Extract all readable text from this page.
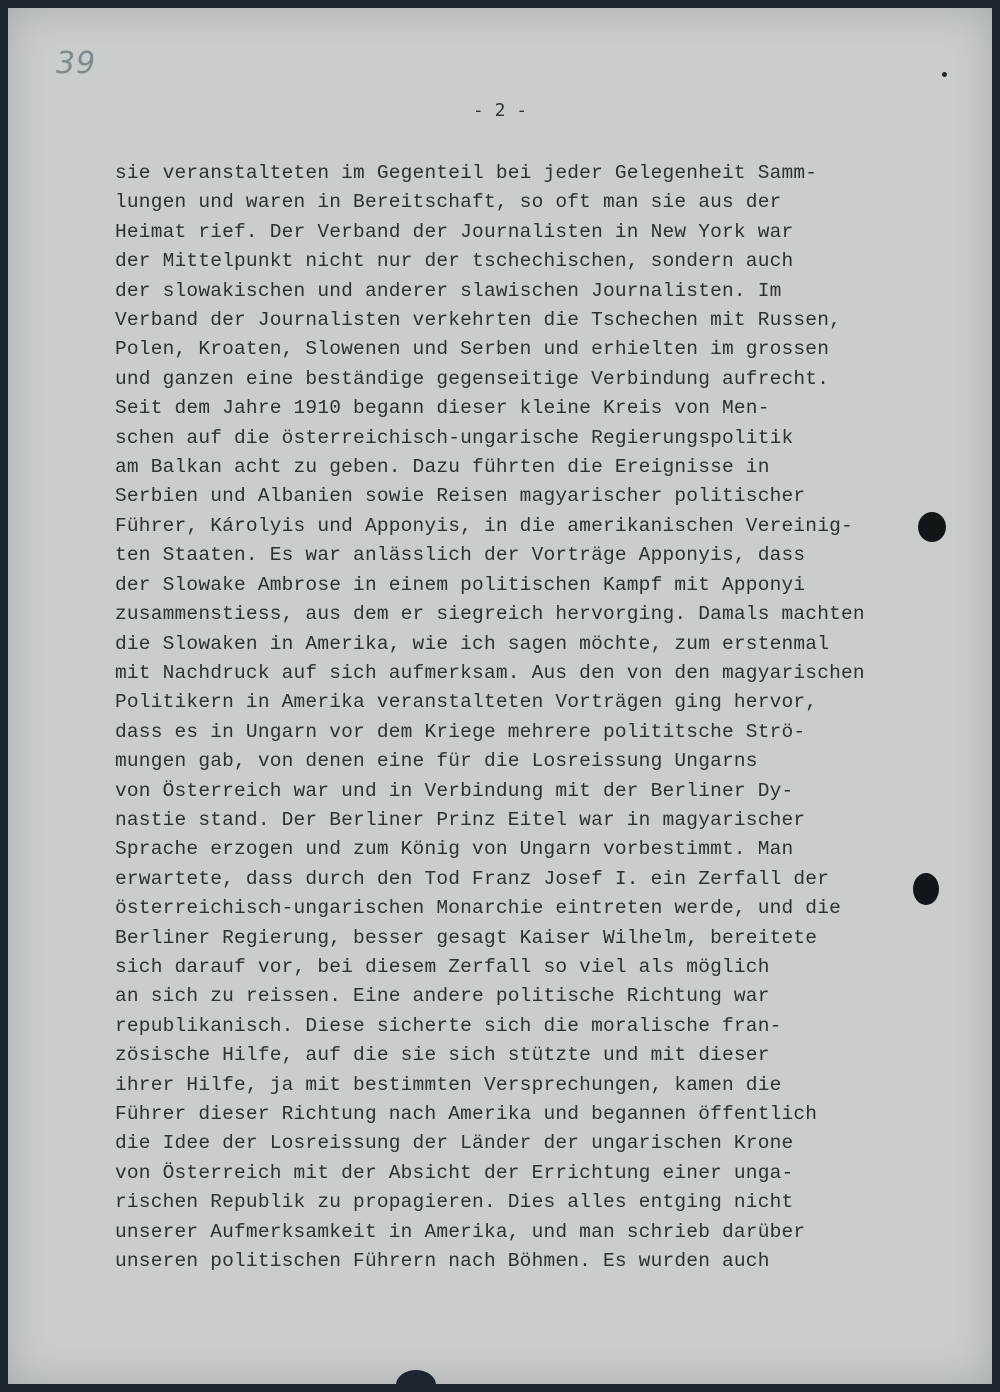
39
- 2 -
sie veranstalteten im Gegenteil bei jeder Gelegenheit Samm-
lungen und waren in Bereitschaft, so oft man sie aus der
Heimat rief. Der Verband der Journalisten in New York war
der Mittelpunkt nicht nur der tschechischen, sondern auch
der slowakischen und anderer slawischen Journalisten. Im
Verband der Journalisten verkehrten die Tschechen mit Russen,
Polen, Kroaten, Slowenen und Serben und erhielten im grossen
und ganzen eine beständige gegenseitige Verbindung aufrecht.
Seit dem Jahre 1910 begann dieser kleine Kreis von Men-
schen auf die österreichisch-ungarische Regierungspolitik
am Balkan acht zu geben. Dazu führten die Ereignisse in
Serbien und Albanien sowie Reisen magyarischer politischer
Führer, Károlyis und Apponyis, in die amerikanischen Vereinig-
ten Staaten. Es war anlässlich der Vorträge Apponyis, dass
der Slowake Ambrose in einem politischen Kampf mit Apponyi
zusammenstiess, aus dem er siegreich hervorging. Damals machten
die Slowaken in Amerika, wie ich sagen möchte, zum erstenmal
mit Nachdruck auf sich aufmerksam. Aus den von den magyarischen
Politikern in Amerika veranstalteten Vorträgen ging hervor,
dass es in Ungarn vor dem Kriege mehrere polititsche Strö-
mungen gab, von denen eine für die Losreissung Ungarns
von Österreich war und in Verbindung mit der Berliner Dy-
nastie stand. Der Berliner Prinz Eitel war in magyarischer
Sprache erzogen und zum König von Ungarn vorbestimmt. Man
erwartete, dass durch den Tod Franz Josef I. ein Zerfall der
österreichisch-ungarischen Monarchie eintreten werde, und die
Berliner Regierung, besser gesagt Kaiser Wilhelm, bereitete
sich darauf vor, bei diesem Zerfall so viel als möglich
an sich zu reissen. Eine andere politische Richtung war
republikanisch. Diese sicherte sich die moralische fran-
zösische Hilfe, auf die sie sich stützte und mit dieser
ihrer Hilfe, ja mit bestimmten Versprechungen, kamen die
Führer dieser Richtung nach Amerika und begannen öffentlich
die Idee der Losreissung der Länder der ungarischen Krone
von Österreich mit der Absicht der Errichtung einer unga-
rischen Republik zu propagieren. Dies alles entging nicht
unserer Aufmerksamkeit in Amerika, und man schrieb darüber
unseren politischen Führern nach Böhmen. Es wurden auch
